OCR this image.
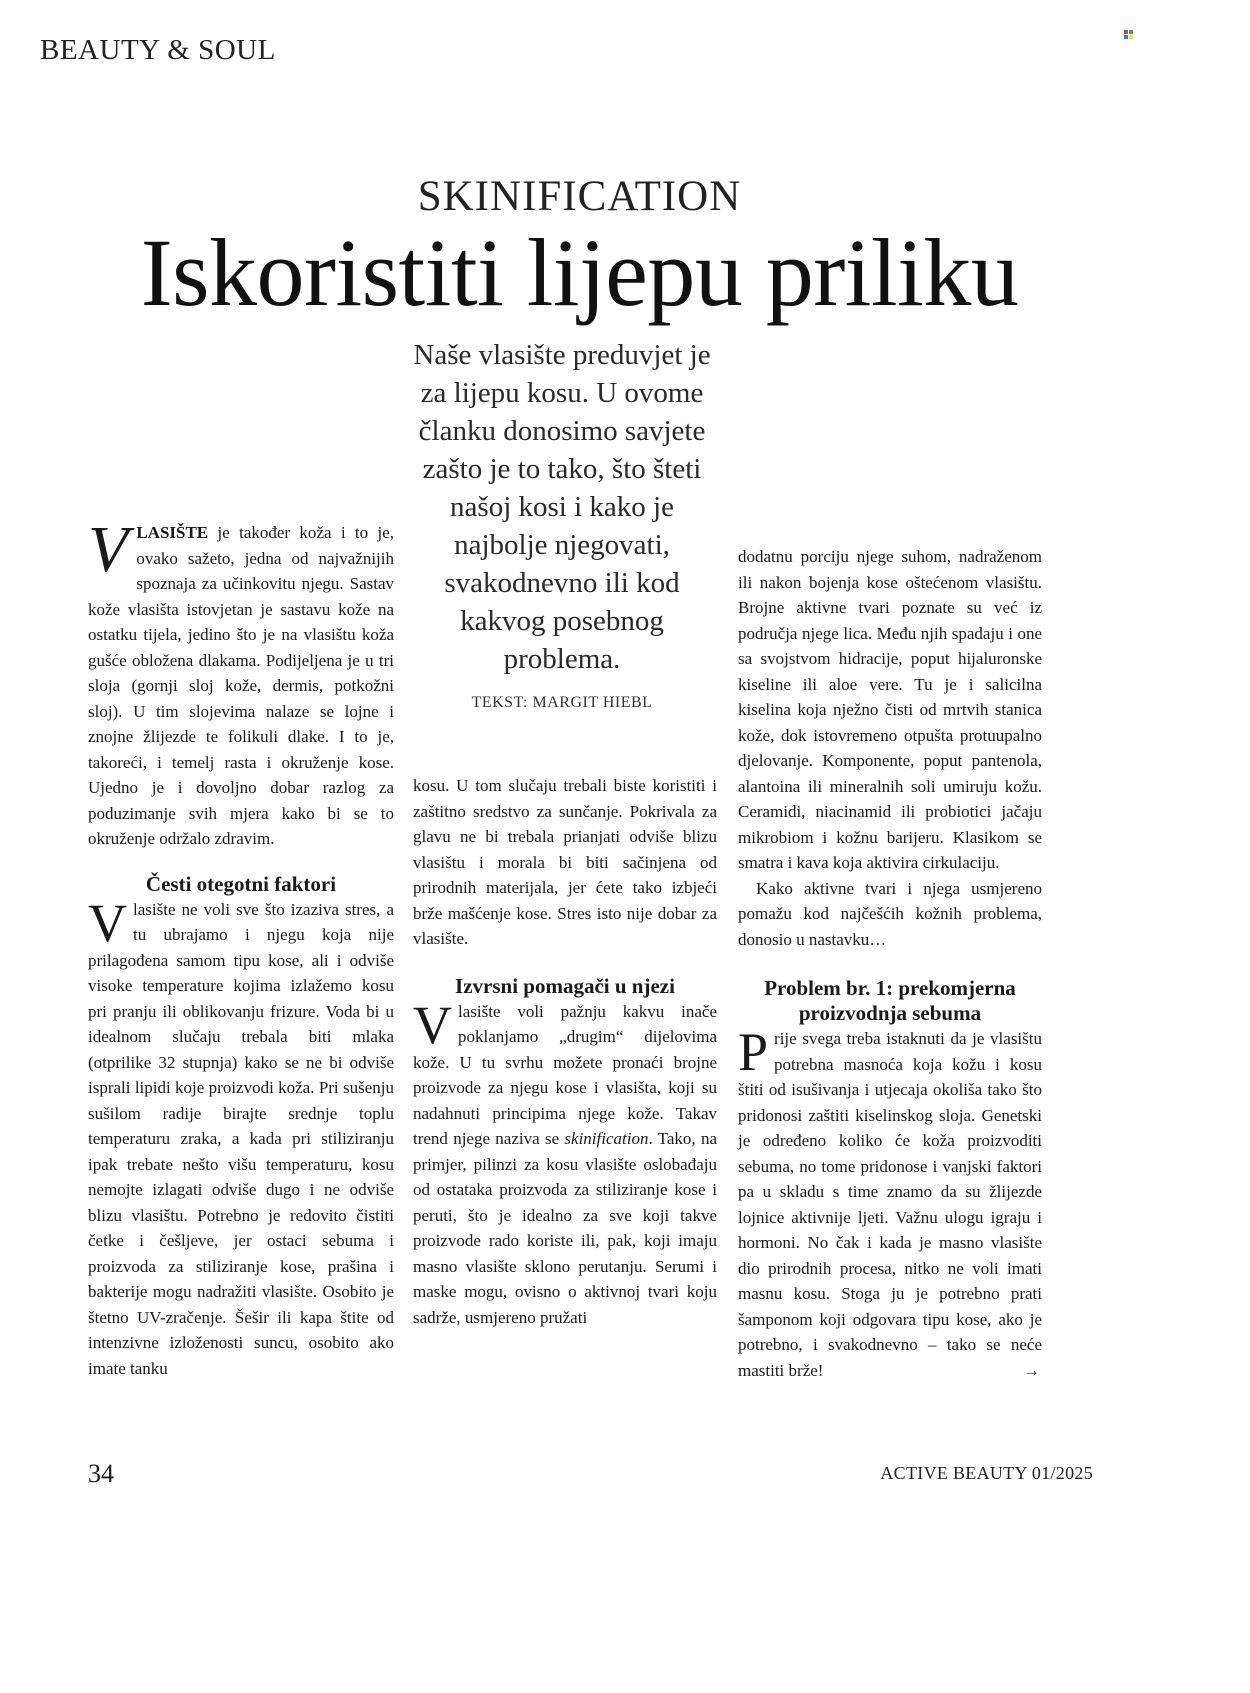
BEAUTY & SOUL
SKINIFICATION
Iskoristiti lijepu priliku
Naše vlasište preduvjet je za lijepu kosu. U ovome članku donosimo savjete zašto je to tako, što šteti našoj kosi i kako je najbolje njegovati, svakodnevno ili kod kakvog posebnog problema.
TEKST: MARGIT HIEBL

VLASIŠTE je također koža i to je, ovako sažeto, jedna od najvažnijih spoznaja za učinkovitu njegu. Sastav kože vlasišta istovjetan je sastavu kože na ostatku tijela, jedino što je na vlasištu koža gušće obložena dlakama. Podijeljena je u tri sloja (gornji sloj kože, dermis, potkožni sloj). U tim slojevima nalaze se lojne i znojne žlijezde te folikuli dlake. I to je, takoreći, i temelj rasta i okruženje kose. Ujedno je i dovoljno dobar razlog za poduzimanje svih mjera kako bi se to okruženje održalo zdravim.

Česti otegotni faktori

Vlasište ne voli sve što izaziva stres, a tu ubrajamo i njegu koja nije prilagođena samom tipu kose, ali i odviše visoke temperature kojima izlažemo kosu pri pranju ili oblikovanju frizure. Voda bi u idealnom slučaju trebala biti mlaka (otprilike 32 stupnja) kako se ne bi odviše isprali lipidi koje proizvodi koža. Pri sušenju sušilom radije birajte srednje toplu temperaturu zraka, a kada pri stiliziranju ipak trebate nešto višu temperaturu, kosu nemojte izlagati odviše dugo i ne odviše blizu vlasištu. Potrebno je redovito čistiti četke i češljeve, jer ostaci sebuma i proizvoda za stiliziranje kose, prašina i bakterije mogu nadražiti vlasište. Osobito je štetno UV-zračenje. Šešir ili kapa štite od intenzivne izloženosti suncu, osobito ako imate tanku

kosu. U tom slučaju trebali biste koristiti i zaštitno sredstvo za sunčanje. Pokrivala za glavu ne bi trebala prianjati odviše blizu vlasištu i morala bi biti sačinjena od prirodnih materijala, jer ćete tako izbjeći brže mašćenje kose. Stres isto nije dobar za vlasište.

Izvrsni pomagači u njezi

Vlasište voli pažnju kakvu inače poklanjamo „drugim“ dijelovima kože. U tu svrhu možete pronaći brojne proizvode za njegu kose i vlasišta, koji su nadahnuti principima njege kože. Takav trend njege naziva se skinification. Tako, na primjer, pilinzi za kosu vlasište oslobađaju od ostataka proizvoda za stiliziranje kose i peruti, što je idealno za sve koji takve proizvode rado koriste ili, pak, koji imaju masno vlasište sklono perutanju. Serumi i maske mogu, ovisno o aktivnoj tvari koju sadrže, usmjereno pružati

dodatnu porciju njege suhom, nadraženom ili nakon bojenja kose oštećenom vlasištu. Brojne aktivne tvari poznate su već iz područja njege lica. Među njih spadaju i one sa svojstvom hidracije, poput hijaluronske kiseline ili aloe vere. Tu je i salicilna kiselina koja nježno čisti od mrtvih stanica kože, dok istovremeno otpušta protuupalno djelovanje. Komponente, poput pantenola, alantoina ili mineralnih soli umiruju kožu. Ceramidi, niacinamid ili probiotici jačaju mikrobiom i kožnu barijeru. Klasikom se smatra i kava koja aktivira cirkulaciju.

Kako aktivne tvari i njega usmjereno pomažu kod najčešćih kožnih problema, donosio u nastavku…

Problem br. 1: prekomjerna proizvodnja sebuma

Prije svega treba istaknuti da je vlasištu potrebna masnoća koja kožu i kosu štiti od isušivanja i utjecaja okoliša tako što pridonosi zaštiti kiselinskog sloja. Genetski je određeno koliko će koža proizvoditi sebuma, no tome pridonose i vanjski faktori pa u skladu s time znamo da su žlijezde lojnice aktivnije ljeti. Važnu ulogu igraju i hormoni. No čak i kada je masno vlasište dio prirodnih procesa, nitko ne voli imati masnu kosu. Stoga ju je potrebno prati šamponom koji odgovara tipu kose, ako je potrebno, i svakodnevno – tako se neće mastiti brže!	→

34	ACTIVE BEAUTY 01/2025
